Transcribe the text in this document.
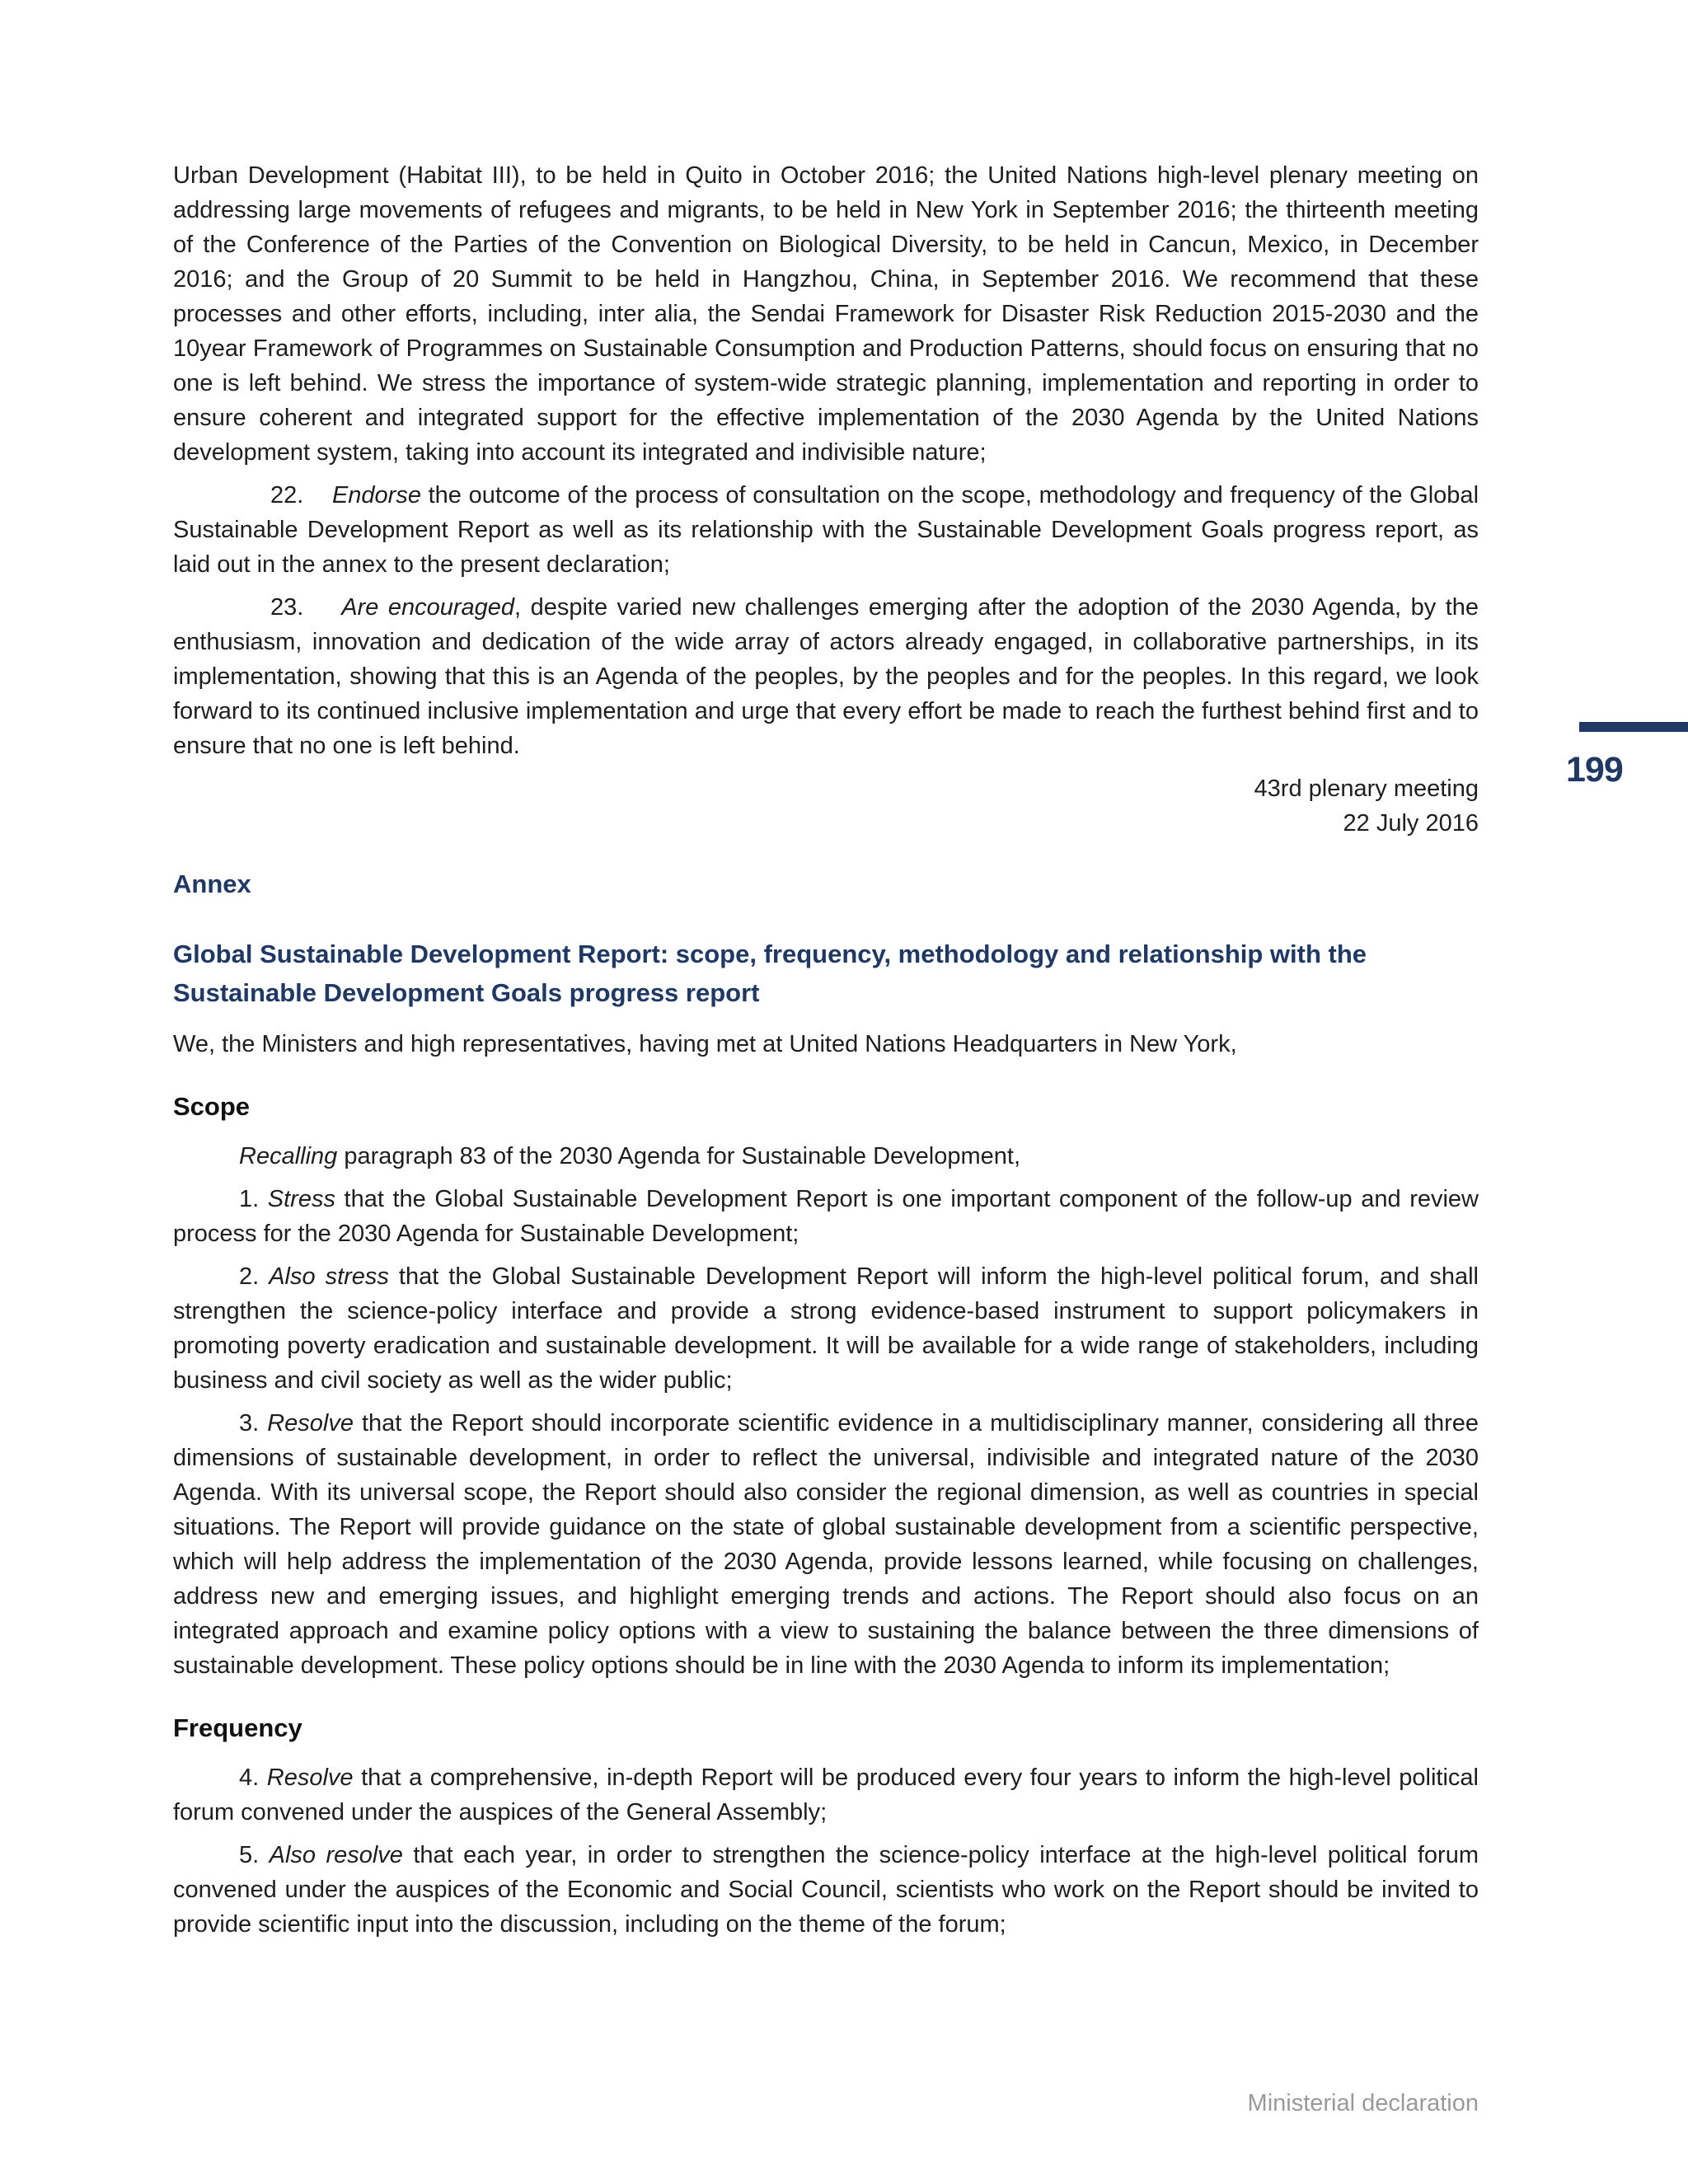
Urban Development (Habitat III), to be held in Quito in October 2016; the United Nations high-level plenary meeting on addressing large movements of refugees and migrants, to be held in New York in September 2016; the thirteenth meeting of the Conference of the Parties of the Convention on Biological Diversity, to be held in Cancun, Mexico, in December 2016; and the Group of 20 Summit to be held in Hangzhou, China, in September 2016. We recommend that these processes and other efforts, including, inter alia, the Sendai Framework for Disaster Risk Reduction 2015-2030 and the 10year Framework of Programmes on Sustainable Consumption and Production Patterns, should focus on ensuring that no one is left behind. We stress the importance of system-wide strategic planning, implementation and reporting in order to ensure coherent and integrated support for the effective implementation of the 2030 Agenda by the United Nations development system, taking into account its integrated and indivisible nature;

22. Endorse the outcome of the process of consultation on the scope, methodology and frequency of the Global Sustainable Development Report as well as its relationship with the Sustainable Development Goals progress report, as laid out in the annex to the present declaration;

23. Are encouraged, despite varied new challenges emerging after the adoption of the 2030 Agenda, by the enthusiasm, innovation and dedication of the wide array of actors already engaged, in collaborative partnerships, in its implementation, showing that this is an Agenda of the peoples, by the peoples and for the peoples. In this regard, we look forward to its continued inclusive implementation and urge that every effort be made to reach the furthest behind first and to ensure that no one is left behind.

43rd plenary meeting
22 July 2016

Annex

Global Sustainable Development Report: scope, frequency, methodology and relationship with the Sustainable Development Goals progress report

We, the Ministers and high representatives, having met at United Nations Headquarters in New York,

Scope

Recalling paragraph 83 of the 2030 Agenda for Sustainable Development,

1. Stress that the Global Sustainable Development Report is one important component of the follow-up and review process for the 2030 Agenda for Sustainable Development;

2. Also stress that the Global Sustainable Development Report will inform the high-level political forum, and shall strengthen the science-policy interface and provide a strong evidence-based instrument to support policymakers in promoting poverty eradication and sustainable development. It will be available for a wide range of stakeholders, including business and civil society as well as the wider public;

3. Resolve that the Report should incorporate scientific evidence in a multidisciplinary manner, considering all three dimensions of sustainable development, in order to reflect the universal, indivisible and integrated nature of the 2030 Agenda. With its universal scope, the Report should also consider the regional dimension, as well as countries in special situations. The Report will provide guidance on the state of global sustainable development from a scientific perspective, which will help address the implementation of the 2030 Agenda, provide lessons learned, while focusing on challenges, address new and emerging issues, and highlight emerging trends and actions. The Report should also focus on an integrated approach and examine policy options with a view to sustaining the balance between the three dimensions of sustainable development. These policy options should be in line with the 2030 Agenda to inform its implementation;

Frequency

4. Resolve that a comprehensive, in-depth Report will be produced every four years to inform the high-level political forum convened under the auspices of the General Assembly;

5. Also resolve that each year, in order to strengthen the science-policy interface at the high-level political forum convened under the auspices of the Economic and Social Council, scientists who work on the Report should be invited to provide scientific input into the discussion, including on the theme of the forum;

199
Ministerial declaration
